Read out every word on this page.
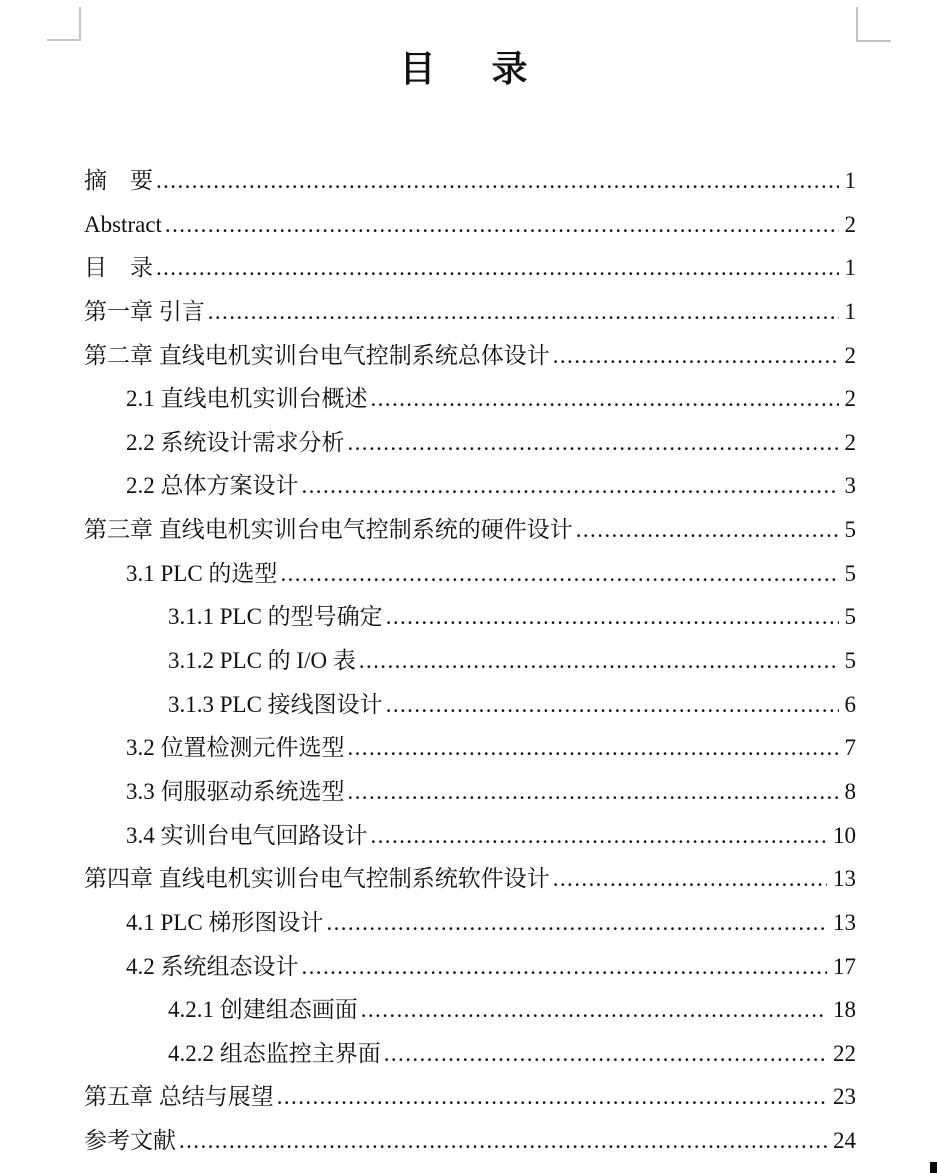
目　录
摘　要 .....	1
Abstract .....	2
目　录 .....	1
第一章 引言 .....	1
第二章 直线电机实训台电气控制系统总体设计 .....	2
2.1 直线电机实训台概述 .....	2
2.2 系统设计需求分析 .....	2
2.2 总体方案设计 .....	3
第三章 直线电机实训台电气控制系统的硬件设计 .....	5
3.1 PLC 的选型 .....	5
3.1.1 PLC 的型号确定 .....	5
3.1.2 PLC 的 I/O 表 .....	5
3.1.3 PLC 接线图设计 .....	6
3.2 位置检测元件选型 .....	7
3.3 伺服驱动系统选型 .....	8
3.4 实训台电气回路设计 .....	10
第四章 直线电机实训台电气控制系统软件设计 .....	13
4.1 PLC 梯形图设计 .....	13
4.2 系统组态设计 .....	17
4.2.1 创建组态画面 .....	18
4.2.2 组态监控主界面 .....	22
第五章 总结与展望 .....	23
参考文献 .....	24
